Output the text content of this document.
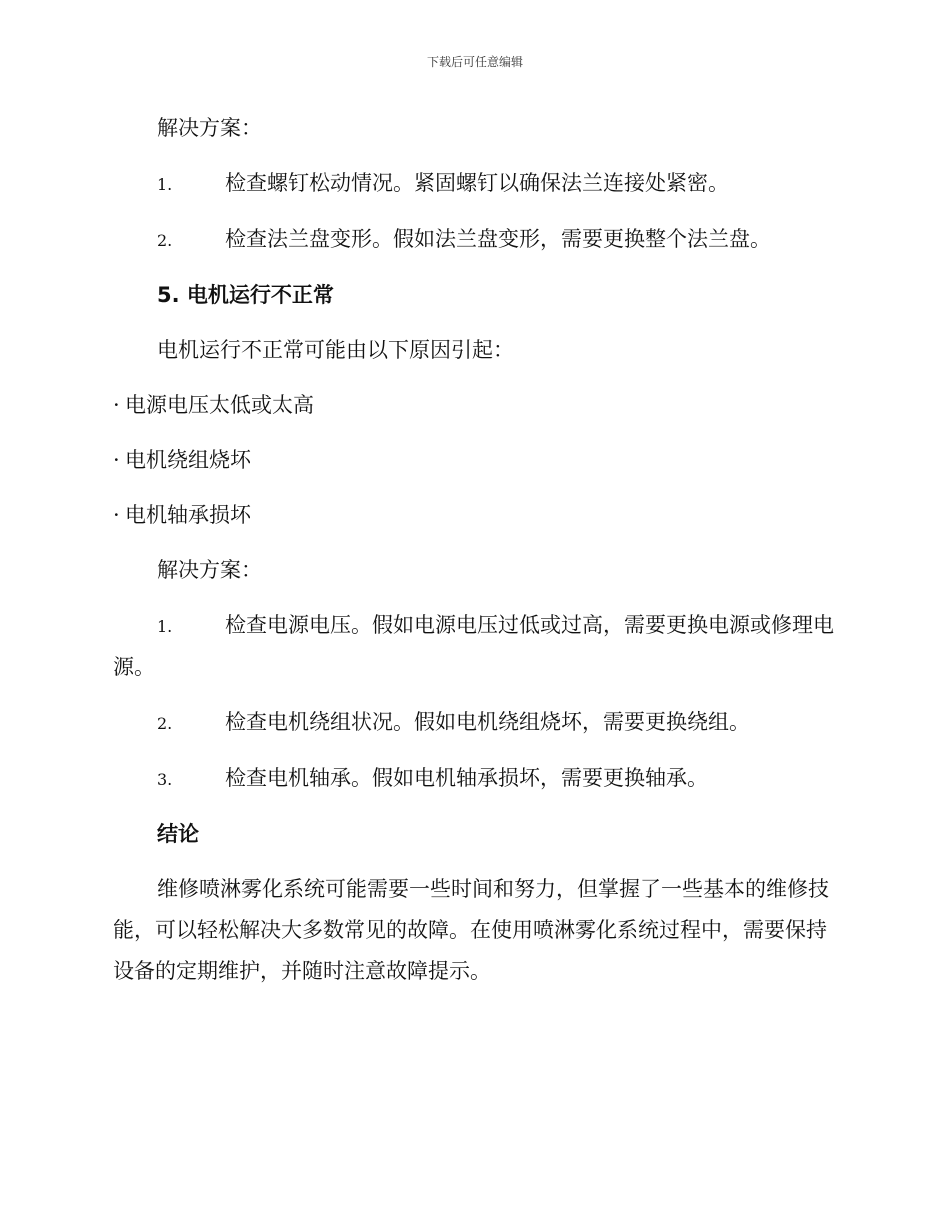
下载后可任意编辑

解决方案：

1.	检查螺钉松动情况。紧固螺钉以确保法兰连接处紧密。

2.	检查法兰盘变形。假如法兰盘变形，需要更换整个法兰盘。

5. 电机运行不正常

电机运行不正常可能由以下原因引起：

· 电源电压太低或太高

· 电机绕组烧坏

· 电机轴承损坏

解决方案：

1.	检查电源电压。假如电源电压过低或过高，需要更换电源或修理电源。

2.	检查电机绕组状况。假如电机绕组烧坏，需要更换绕组。

3.	检查电机轴承。假如电机轴承损坏，需要更换轴承。

结论

维修喷淋雾化系统可能需要一些时间和努力，但掌握了一些基本的维修技能，可以轻松解决大多数常见的故障。在使用喷淋雾化系统过程中，需要保持设备的定期维护，并随时注意故障提示。
